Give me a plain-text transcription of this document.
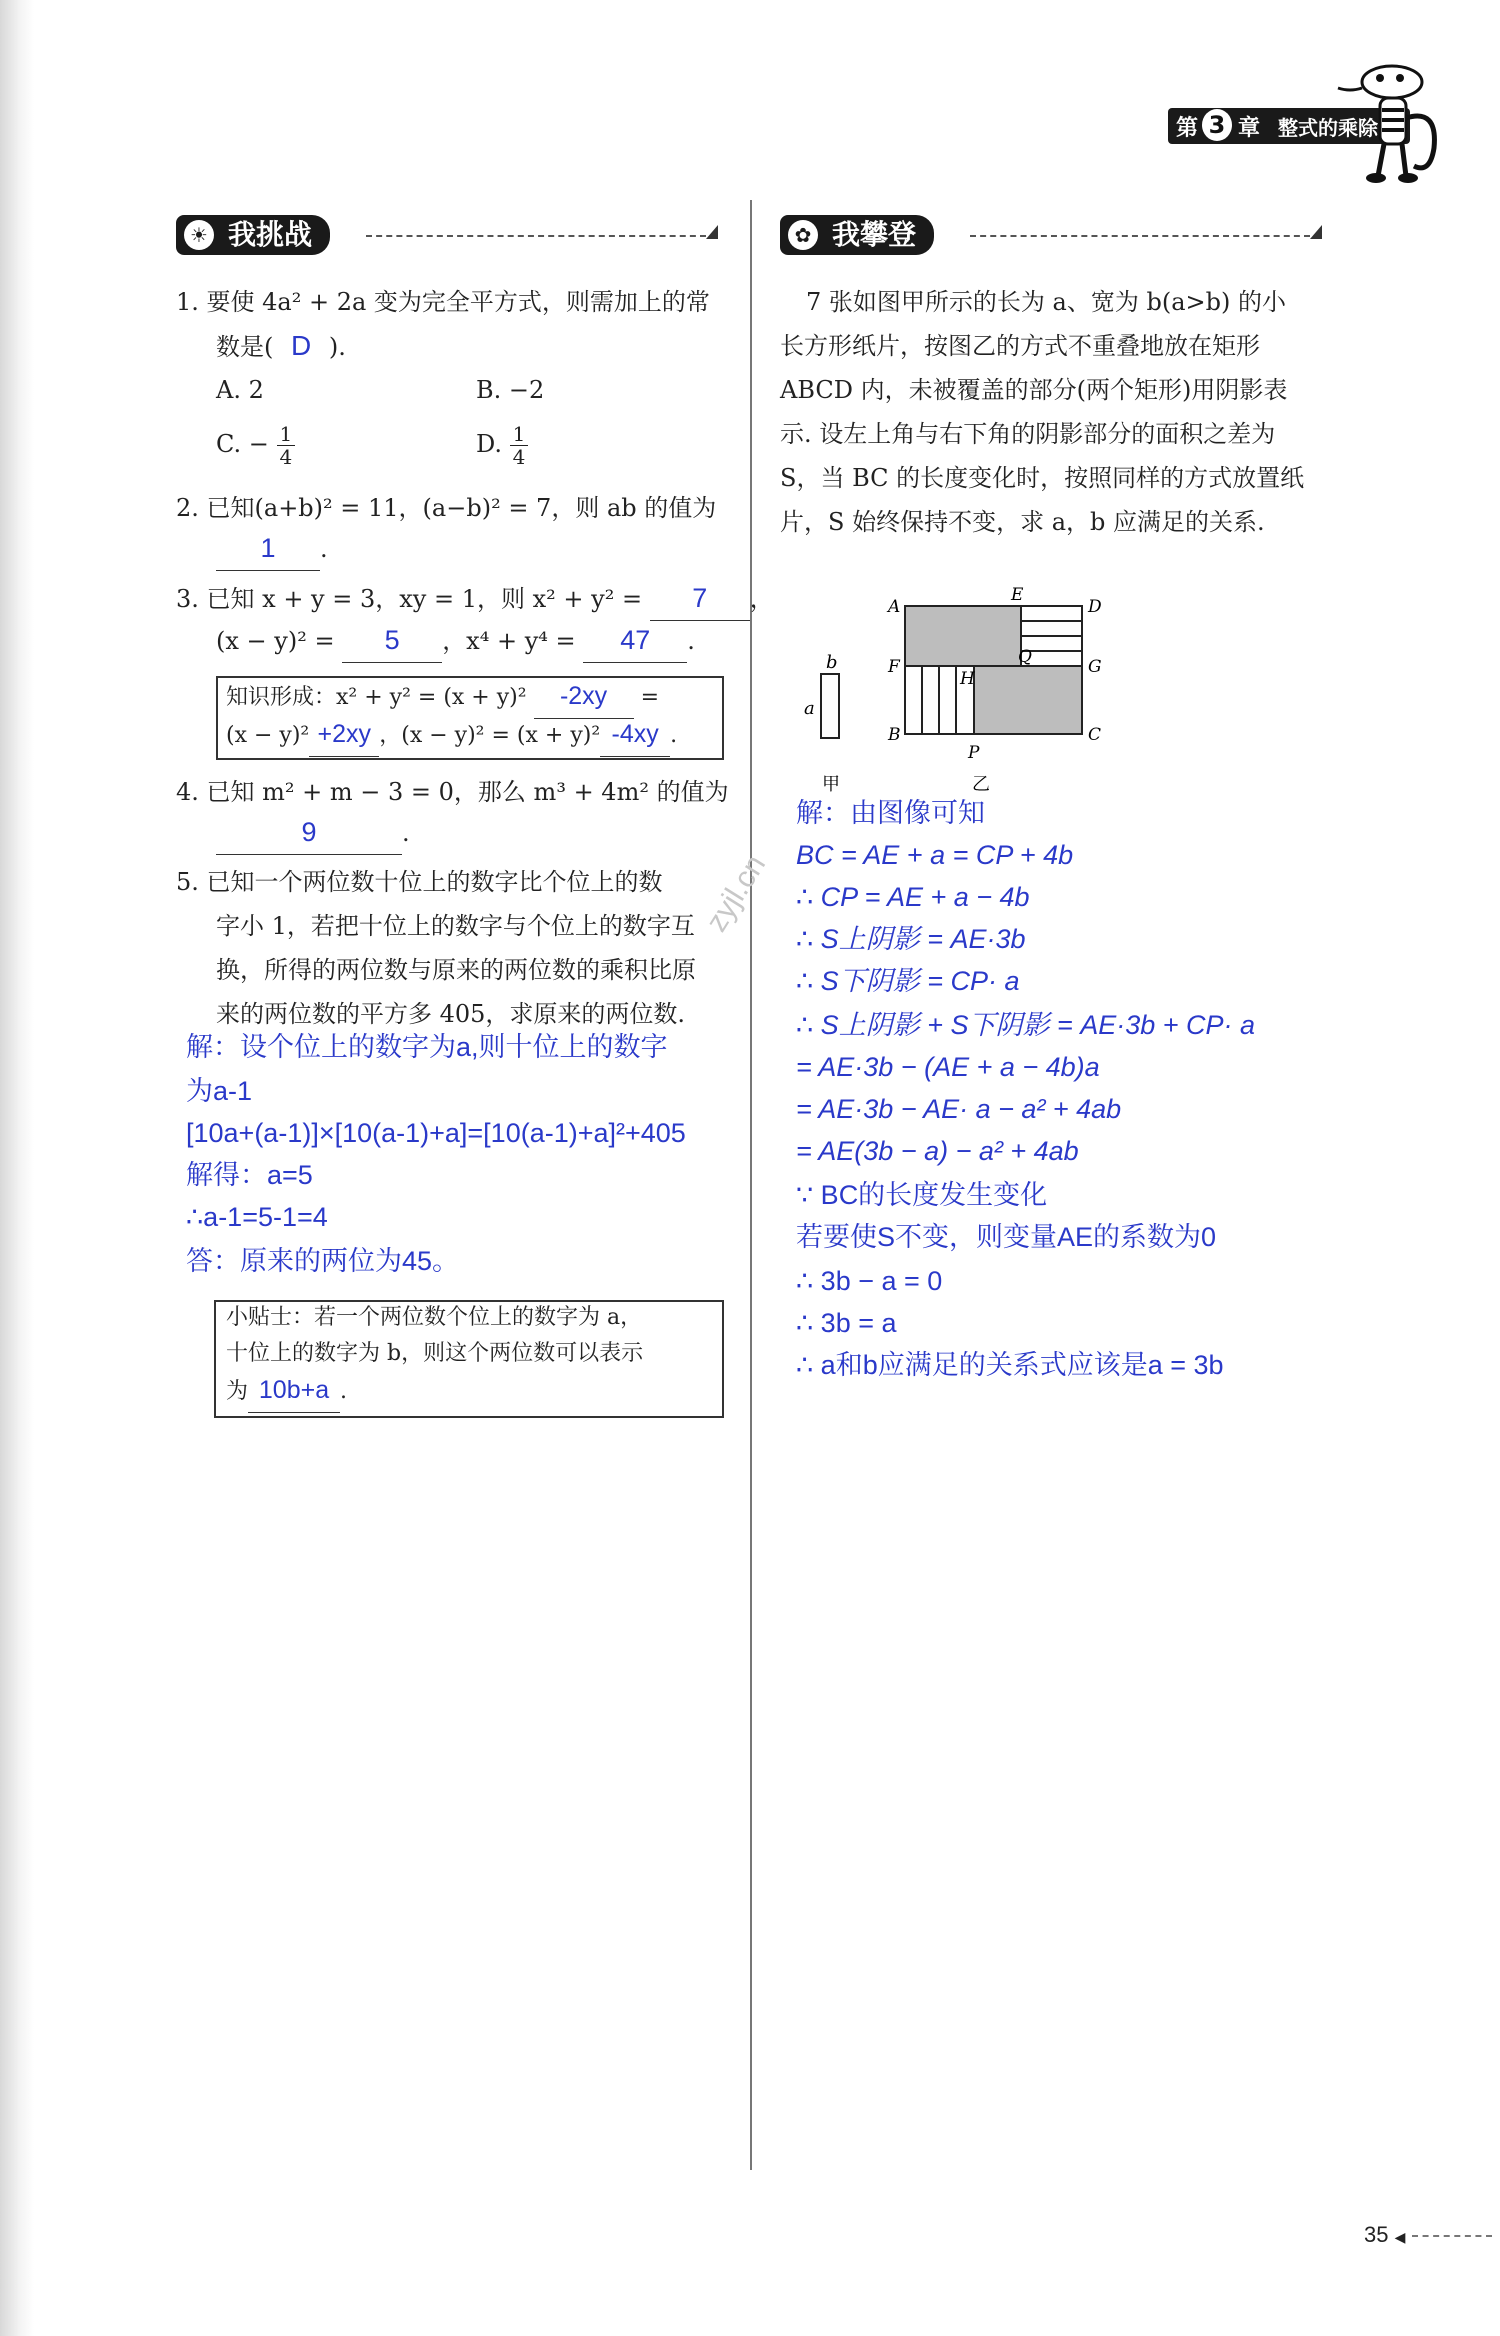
第 3 章 整式的乘除
☀ 我挑战
1. 要使 4a² + 2a 变为完全平方式，则需加上的常
数是( D ).
A. 2	B. −2
C. − $\frac{1}{4}$	D. $\frac{1}{4}$
2. 已知(a+b)² = 11，(a−b)² = 7，则 ab 的值为
1 .
3. 已知 x + y = 3，xy = 1，则 x² + y² = 7 ，
(x − y)² = 5 ，x⁴ + y⁴ = 47 .
知识形成：x² + y² = (x + y)² -2xy =
(x − y)² +2xy ，(x − y)² = (x + y)² -4xy .
4. 已知 m² + m − 3 = 0，那么 m³ + 4m² 的值为
9	.
5. 已知一个两位数十位上的数字比个位上的数
字小 1，若把十位上的数字与个位上的数字互
换，所得的两位数与原来的两位数的乘积比原
来的两位数的平方多 405，求原来的两位数.
解：设个位上的数字为a,则十位上的数字
为a-1
[10a+(a-1)]×[10(a-1)+a]=[10(a-1)+a]²+405
解得：a=5
∴a-1=5-1=4
答：原来的两位为45。
小贴士：若一个两位数个位上的数字为 a，
十位上的数字为 b，则这个两位数可以表示
为 10b+a .
✿ 我攀登
7 张如图甲所示的长为 a、宽为 b(a>b) 的小
长方形纸片，按图乙的方式不重叠地放在矩形
ABCD 内，未被覆盖的部分(两个矩形)用阴影表
示. 设左上角与右下角的阴影部分的面积之差为
S，当 BC 的长度变化时，按照同样的方式放置纸
片，S 始终保持不变，求 a，b 应满足的关系.
b
a
A
E
D
F
H
Q	G
B
P
C
甲	乙
解：由图像可知
BC = AE + a = CP + 4b
∴ CP = AE + a − 4b
∴ S上阴影 = AE·3b
∴ S下阴影 = CP· a
∴ S上阴影 + S下阴影 = AE·3b + CP· a
= AE·3b − (AE + a − 4b)a
= AE·3b − AE· a − a² + 4ab
= AE(3b − a) − a² + 4ab
∵ BC的长度发生变化
若要使S不变，则变量AE的系数为0
∴ 3b − a = 0
∴ 3b = a
∴ a和b应满足的关系式应该是a = 3b
zyjl.cn
35 ◀
